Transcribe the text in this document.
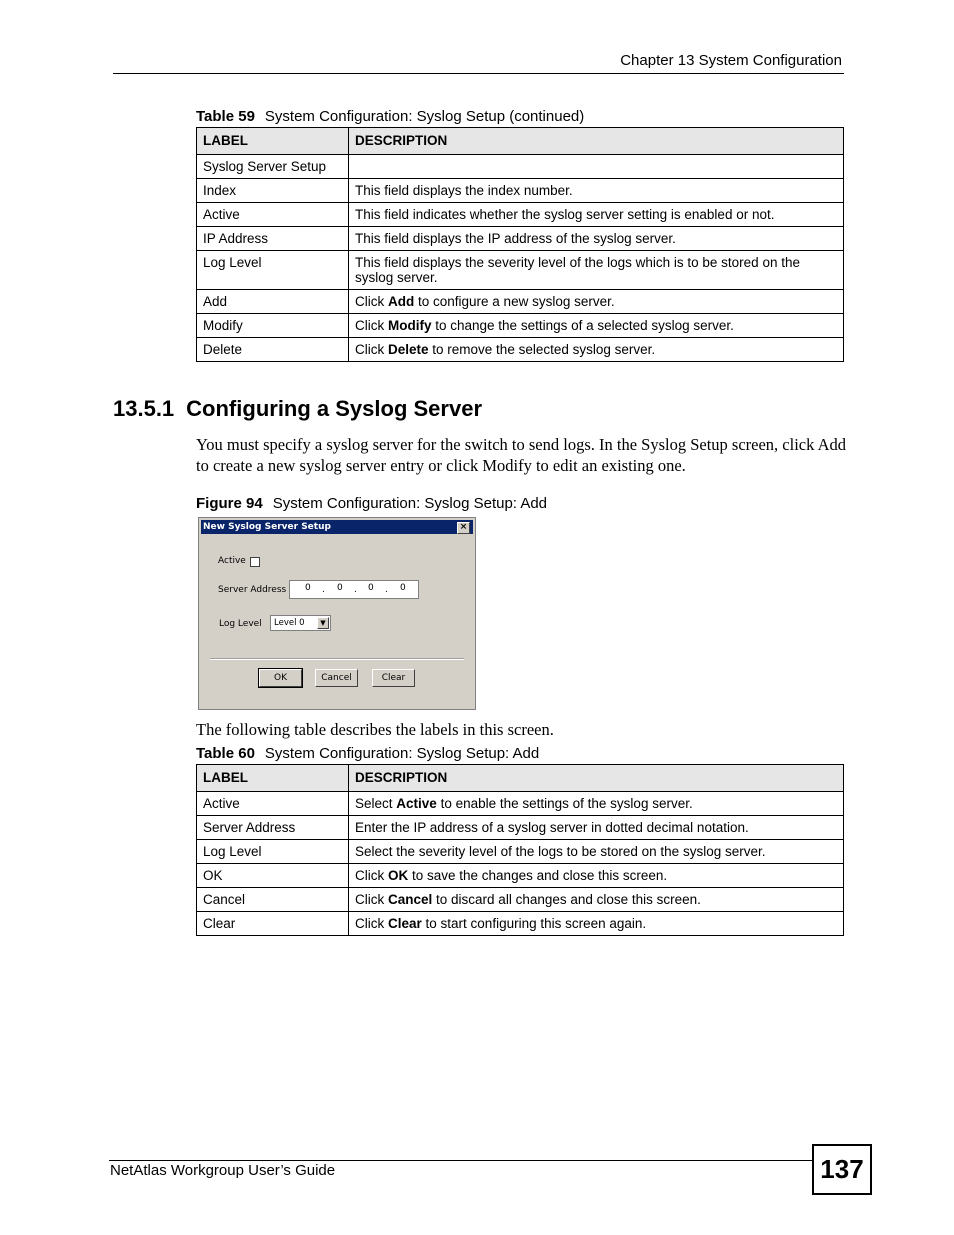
Chapter 13 System Configuration
Table 59 System Configuration: Syslog Setup (continued)
LABEL	DESCRIPTION
Syslog Server Setup	
Index	This field displays the index number.
Active	This field indicates whether the syslog server setting is enabled or not.
IP Address	This field displays the IP address of the syslog server.
Log Level	This field displays the severity level of the logs which is to be stored on the syslog server.
Add	Click Add to configure a new syslog server.
Modify	Click Modify to change the settings of a selected syslog server.
Delete	Click Delete to remove the selected syslog server.
13.5.1 Configuring a Syslog Server
You must specify a syslog server for the switch to send logs. In the Syslog Setup screen, click Add to create a new syslog server entry or click Modify to edit an existing one.
Figure 94 System Configuration: Syslog Setup: Add
New Syslog Server Setup	×
Active
Server Address 0 . 0 . 0 . 0
Log Level Level 0	▼
OK	Cancel	Clear
The following table describes the labels in this screen.
Table 60 System Configuration: Syslog Setup: Add
LABEL	DESCRIPTION
Active	Select Active to enable the settings of the syslog server.
Server Address	Enter the IP address of a syslog server in dotted decimal notation.
Log Level	Select the severity level of the logs to be stored on the syslog server.
OK	Click OK to save the changes and close this screen.
Cancel	Click Cancel to discard all changes and close this screen.
Clear	Click Clear to start configuring this screen again.
NetAtlas Workgroup User’s Guide	137
